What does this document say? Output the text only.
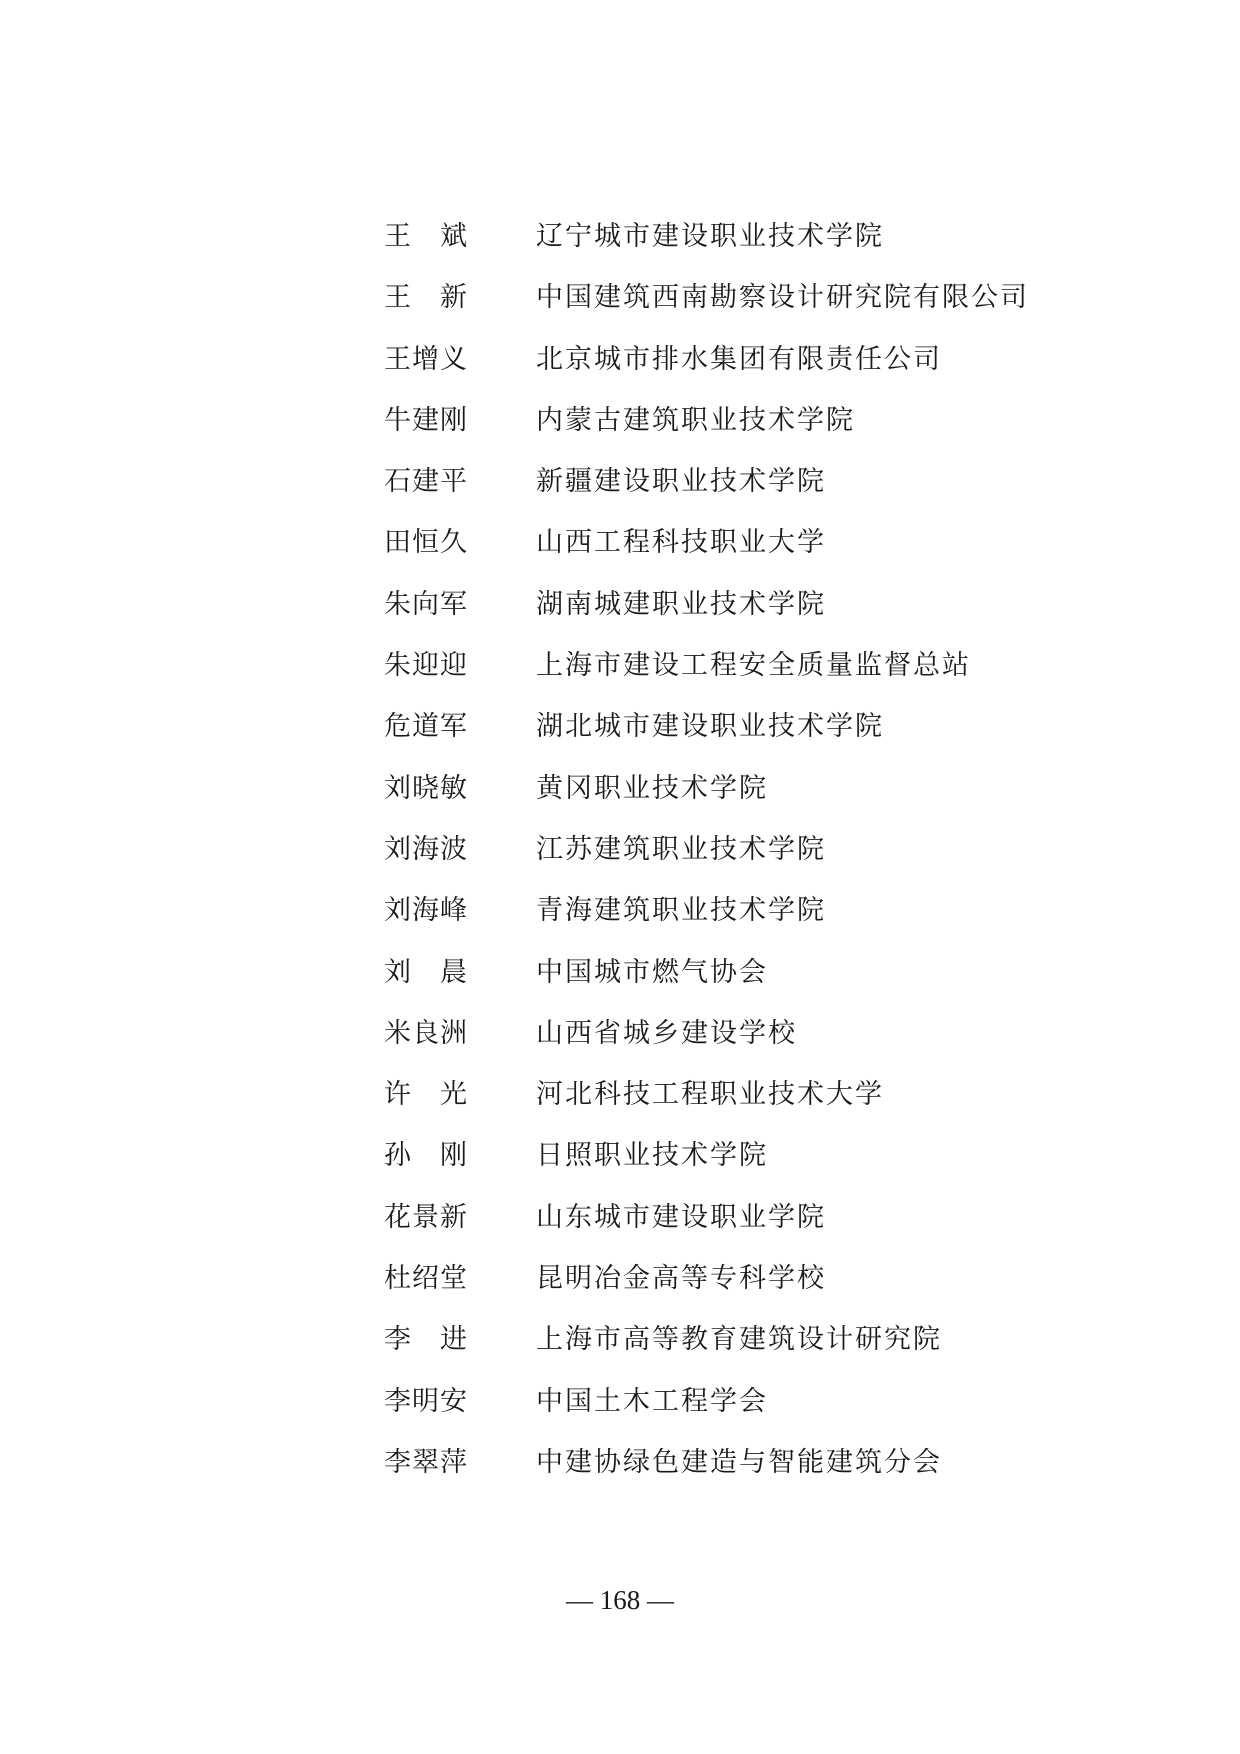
王　斌	辽宁城市建设职业技术学院
王　新	中国建筑西南勘察设计研究院有限公司
王增义	北京城市排水集团有限责任公司
牛建刚	内蒙古建筑职业技术学院
石建平	新疆建设职业技术学院
田恒久	山西工程科技职业大学
朱向军	湖南城建职业技术学院
朱迎迎	上海市建设工程安全质量监督总站
危道军	湖北城市建设职业技术学院
刘晓敏	黄冈职业技术学院
刘海波	江苏建筑职业技术学院
刘海峰	青海建筑职业技术学院
刘　晨	中国城市燃气协会
米良洲	山西省城乡建设学校
许　光	河北科技工程职业技术大学
孙　刚	日照职业技术学院
花景新	山东城市建设职业学院
杜绍堂	昆明冶金高等专科学校
李　进	上海市高等教育建筑设计研究院
李明安	中国土木工程学会
李翠萍	中建协绿色建造与智能建筑分会
— 168 —
